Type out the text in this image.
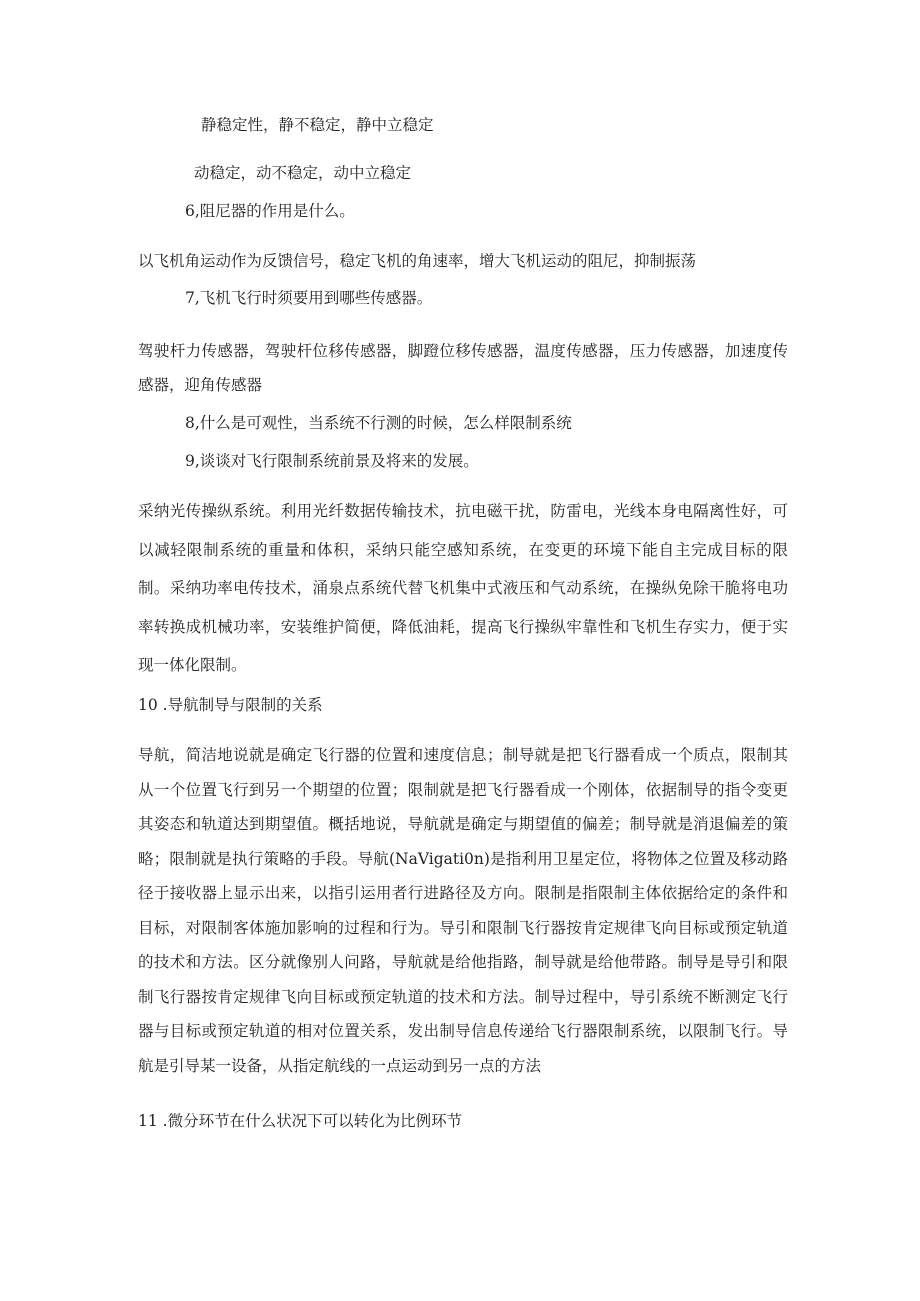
静稳定性，静不稳定，静中立稳定
动稳定，动不稳定，动中立稳定
6,阻尼器的作用是什么。
以飞机角运动作为反馈信号，稳定飞机的角速率，增大飞机运动的阻尼，抑制振荡
7,飞机飞行时须要用到哪些传感器。
驾驶杆力传感器，驾驶杆位移传感器，脚蹬位移传感器，温度传感器，压力传感器，加速度传感器，迎角传感器
8,什么是可观性，当系统不行测的时候，怎么样限制系统
9,谈谈对飞行限制系统前景及将来的发展。
采纳光传操纵系统。利用光纤数据传输技术，抗电磁干扰，防雷电，光线本身电隔离性好，可以减轻限制系统的重量和体积，采纳只能空感知系统，在变更的环境下能自主完成目标的限制。采纳功率电传技术，涌泉点系统代替飞机集中式液压和气动系统，在操纵免除干脆将电功率转换成机械功率，安装维护简便，降低油耗，提高飞行操纵牢靠性和飞机生存实力，便于实现一体化限制。
10 .导航制导与限制的关系
导航，简洁地说就是确定飞行器的位置和速度信息；制导就是把飞行器看成一个质点，限制其从一个位置飞行到另一个期望的位置；限制就是把飞行器看成一个刚体，依据制导的指令变更其姿态和轨道达到期望值。概括地说，导航就是确定与期望值的偏差；制导就是消退偏差的策略；限制就是执行策略的手段。导航(NaVigati0n)是指利用卫星定位，将物体之位置及移动路径于接收器上显示出来，以指引运用者行进路径及方向。限制是指限制主体依据给定的条件和目标，对限制客体施加影响的过程和行为。导引和限制飞行器按肯定规律飞向目标或预定轨道的技术和方法。区分就像别人问路，导航就是给他指路，制导就是给他带路。制导是导引和限制飞行器按肯定规律飞向目标或预定轨道的技术和方法。制导过程中，导引系统不断测定飞行器与目标或预定轨道的相对位置关系，发出制导信息传递给飞行器限制系统，以限制飞行。导航是引导某一设备，从指定航线的一点运动到另一点的方法
11 .微分环节在什么状况下可以转化为比例环节
